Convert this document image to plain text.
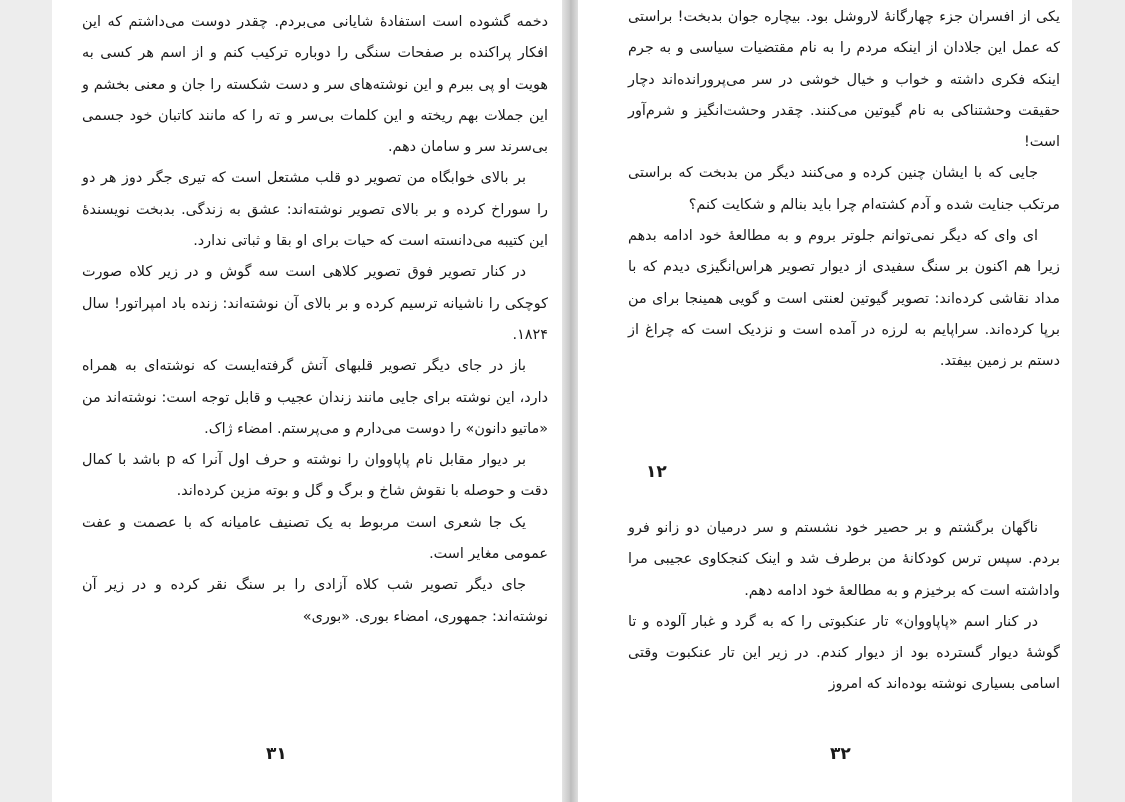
دخمه گشوده است استفادهٔ شایانی می‌بردم. چقدر دوست می‌داشتم که این افکار پراکنده بر صفحات سنگی را دوباره ترکیب کنم و از اسم هر کسی به هویت او پی ببرم و این نوشته‌های سر و دست شکسته را جان و معنی بخشم و این جملات بهم ریخته و این کلمات بی‌سر و ته را که مانند کاتبان خود جسمی بی‌سرند سر و سامان دهم.

بر بالای خوابگاه من تصویر دو قلب مشتعل است که تیری جگر دوز هر دو را سوراخ کرده و بر بالای تصویر نوشته‌اند: عشق به زندگی. بدبخت نویسندهٔ این کتیبه می‌دانسته است که حیات برای او بقا و ثباتی ندارد.

در کنار تصویر فوق تصویر کلاهی است سه گوش و در زیر کلاه صورت کوچکی را ناشیانه ترسیم کرده و بر بالای آن نوشته‌اند: زنده باد امپراتور! سال ۱۸۲۴.

باز در جای دیگر تصویر قلبهای آتش گرفته‌ایست که نوشته‌ای به همراه دارد، این نوشته برای جایی مانند زندان عجیب و قابل توجه است: نوشته‌اند من «ماتیو دانون» را دوست می‌دارم و می‌پرستم. امضاء ژاک.

بر دیوار مقابل نام پاپاووان را نوشته و حرف اول آنرا که p باشد با کمال دقت و حوصله با نقوش شاخ و برگ و گل و بوته مزین کرده‌اند.

یک جا شعری است مربوط به یک تصنیف عامیانه که با عصمت و عفت عمومی مغایر است.

جای دیگر تصویر شب کلاه آزادی را بر سنگ نقر کرده و در زیر آن نوشته‌اند: جمهوری، امضاء بوری. «بوری»

۳۱

یکی از افسران جزء چهارگانهٔ لاروشل بود. بیچاره جوان بدبخت! براستی که عمل این جلادان از اینکه مردم را به نام مقتضیات سیاسی و به جرم اینکه فکری داشته و خواب و خیال خوشی در سر می‌پرورانده‌اند دچار حقیقت وحشتناکی به نام گیوتین می‌کنند. چقدر وحشت‌انگیز و شرم‌آور است!

جایی که با ایشان چنین کرده و می‌کنند دیگر من بدبخت که براستی مرتکب جنایت شده و آدم کشته‌ام چرا باید بنالم و شکایت کنم؟

ای وای که دیگر نمی‌توانم جلوتر بروم و به مطالعهٔ خود ادامه بدهم زیرا هم اکنون بر سنگ سفیدی از دیوار تصویر هراس‌انگیزی دیدم که با مداد نقاشی کرده‌اند: تصویر گیوتین لعنتی است و گویی همینجا برای من برپا کرده‌اند. سراپایم به لرزه در آمده است و نزدیک است که چراغ از دستم بر زمین بیفتد.

۱۲

ناگهان برگشتم و بر حصیر خود نشستم و سر درمیان دو زانو فرو بردم. سپس ترس کودکانهٔ من برطرف شد و اینک کنجکاوی عجیبی مرا واداشته است که برخیزم و به مطالعهٔ خود ادامه دهم.

در کنار اسم «پاپاووان» تار عنکبوتی را که به گرد و غبار آلوده و تا گوشهٔ دیوار گسترده بود از دیوار کندم. در زیر این تار عنکبوت وقتی اسامی بسیاری نوشته بوده‌اند که امروز

۳۲
